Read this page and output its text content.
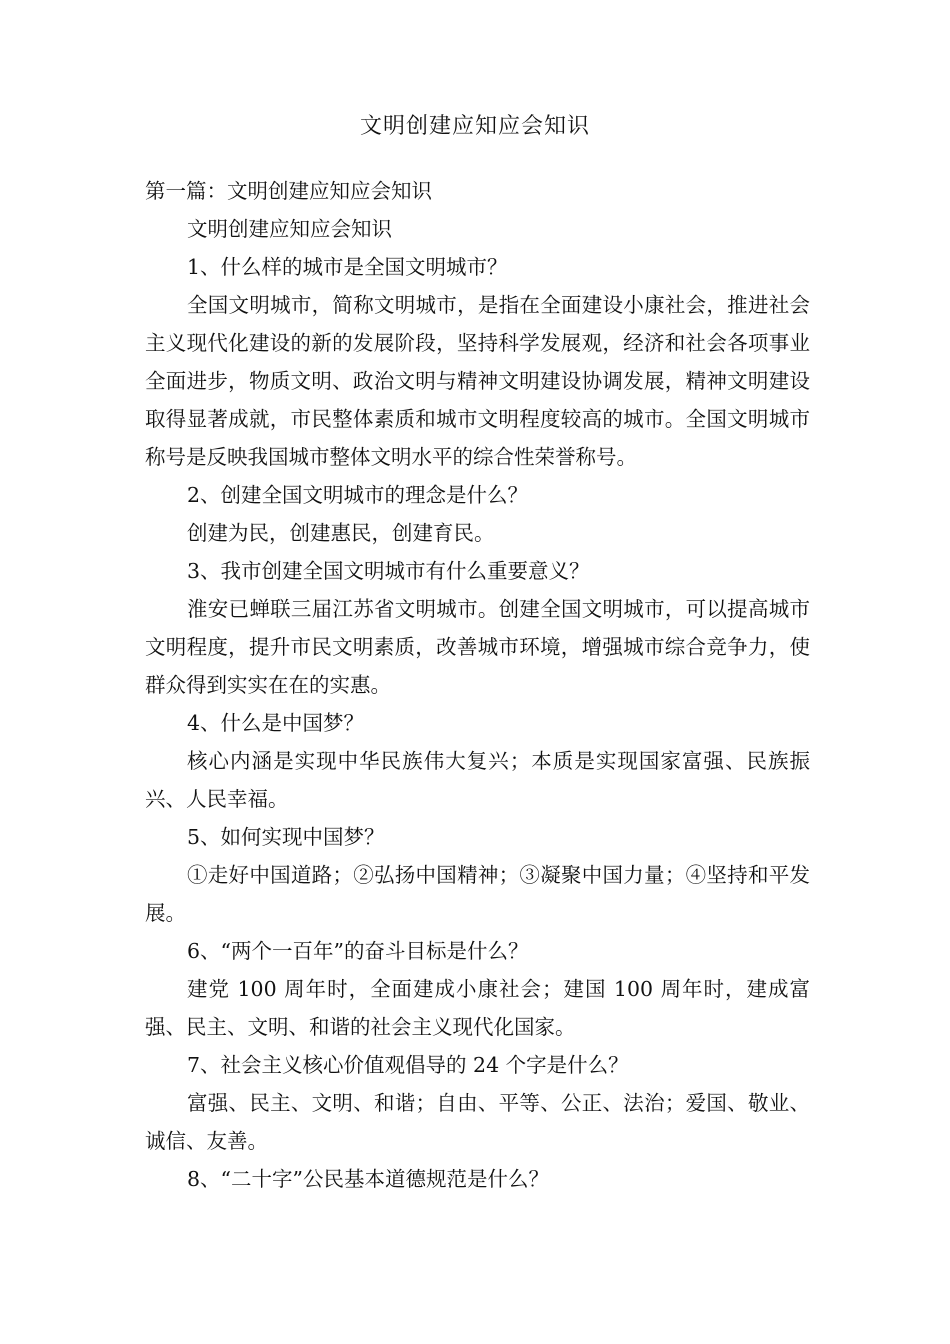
文明创建应知应会知识

第一篇：文明创建应知应会知识

文明创建应知应会知识

1、什么样的城市是全国文明城市？

全国文明城市，简称文明城市，是指在全面建设小康社会，推进社会主义现代化建设的新的发展阶段，坚持科学发展观，经济和社会各项事业全面进步，物质文明、政治文明与精神文明建设协调发展，精神文明建设取得显著成就，市民整体素质和城市文明程度较高的城市。全国文明城市称号是反映我国城市整体文明水平的综合性荣誉称号。

2、创建全国文明城市的理念是什么？

创建为民，创建惠民，创建育民。

3、我市创建全国文明城市有什么重要意义？

淮安已蝉联三届江苏省文明城市。创建全国文明城市，可以提高城市文明程度，提升市民文明素质，改善城市环境，增强城市综合竞争力，使群众得到实实在在的实惠。

4、什么是中国梦？

核心内涵是实现中华民族伟大复兴；本质是实现国家富强、民族振兴、人民幸福。

5、如何实现中国梦？

①走好中国道路；②弘扬中国精神；③凝聚中国力量；④坚持和平发展。

6、“两个一百年”的奋斗目标是什么？

建党 100 周年时，全面建成小康社会；建国 100 周年时，建成富强、民主、文明、和谐的社会主义现代化国家。

7、社会主义核心价值观倡导的 24 个字是什么？

富强、民主、文明、和谐；自由、平等、公正、法治；爱国、敬业、诚信、友善。

8、“二十字”公民基本道德规范是什么？
